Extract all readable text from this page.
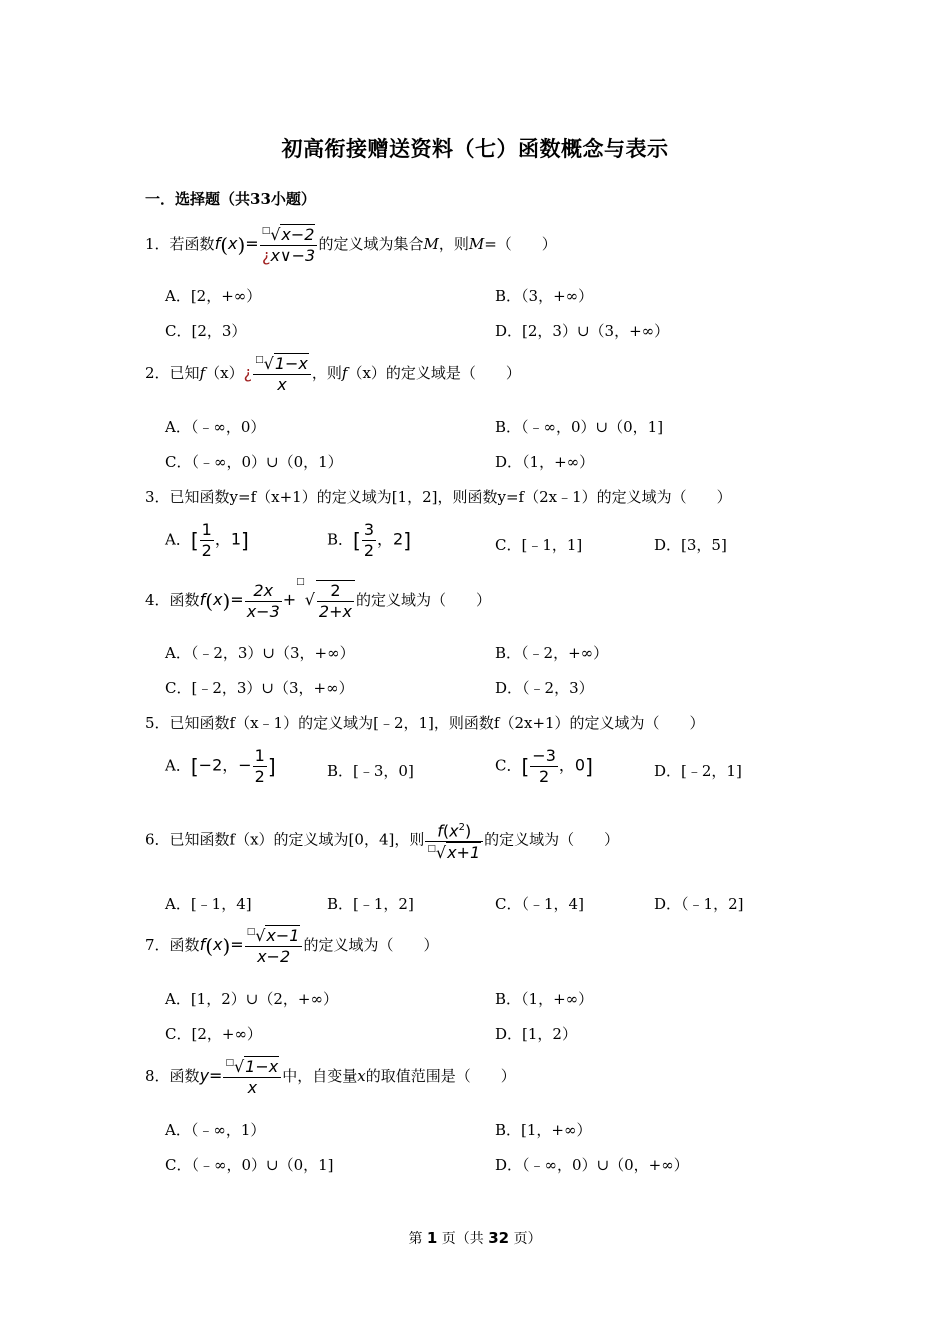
初高衔接赠送资料（七）函数概念与表示
一．选择题（共33小题）
1．若函数$f(x)= \frac{^□√x-2}{¿x\vee-3}$ 的定义域为集合M，则M=（　　）
A．[2，+∞）	B．（3，+∞）
C．[2，3）	D．[2，3）∪（3，+∞）
2．已知f（x）¿ $\frac{^□√1-x}{x}$ ，则f（x）的定义域是（　　）
A．（﹣∞，0）	B．（﹣∞，0）∪（0，1]
C．（﹣∞，0）∪（0，1）	D．（1，+∞）
3．已知函数y=f（x+1）的定义域为[1，2]，则函数y=f（2x﹣1）的定义域为（　　）
A．[ $\frac{1}{2}$ ，1]	B．[ $\frac{3}{2}$ ，2]	C．[﹣1，1]	D．[3，5]
4．函数$f(x)= \frac{2x}{x-3} +^□√ \frac{2}{2+x}$ 的定义域为（　　）
A．（﹣2，3）∪（3，+∞）	B．（﹣2，+∞）
C．[﹣2，3）∪（3，+∞）	D．（﹣2，3）
5．已知函数f（x﹣1）的定义域为[﹣2，1]，则函数f（2x+1）的定义域为（　　）
A．[−2，− $\frac{1}{2}$ ]	B．[﹣3，0]	C．[ $\frac{-3}{2}$ ，0]	D．[﹣2，1]
6．已知函数f（x）的定义域为[0，4]，则 $\frac{f(x^2)}{^□√x+1}$ 的定义域为（　　）
A．[﹣1，4]	B．[﹣1，2]	C．（﹣1，4]	D．（﹣1，2]
7．函数$f(x)= \frac{^□√x-1}{x-2}$ 的定义域为（　　）
A．[1，2）∪（2，+∞）	B．（1，+∞）
C．[2，+∞）	D．[1，2）
8．函数$y= \frac{^□√1-x}{x}$ 中，自变量x的取值范围是（　　）
A．（﹣∞，1）	B．[1，+∞）
C．（﹣∞，0）∪（0，1]	D．（﹣∞，0）∪（0，+∞）
第 1 页（共 32 页）
